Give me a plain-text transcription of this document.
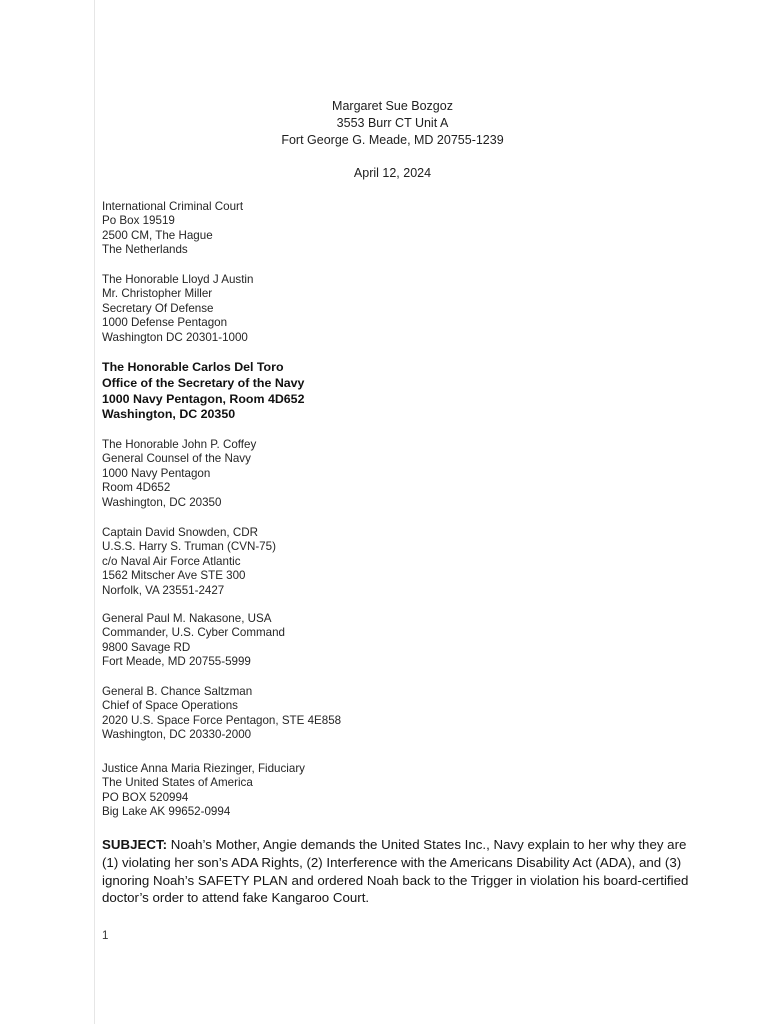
Margaret Sue Bozgoz
3553 Burr CT Unit A
Fort George G. Meade, MD 20755-1239
April 12, 2024
International Criminal Court
Po Box 19519
2500 CM, The Hague
The Netherlands
The Honorable Lloyd J Austin
Mr. Christopher Miller
Secretary Of Defense
1000 Defense Pentagon
Washington DC 20301-1000
The Honorable Carlos Del Toro
Office of the Secretary of the Navy
1000 Navy Pentagon, Room 4D652
Washington, DC 20350
The Honorable John P. Coffey
General Counsel of the Navy
1000 Navy Pentagon
Room 4D652
Washington, DC 20350
Captain David Snowden, CDR
U.S.S. Harry S. Truman (CVN-75)
c/o Naval Air Force Atlantic
1562 Mitscher Ave STE 300
Norfolk, VA 23551-2427
General Paul M. Nakasone, USA
Commander, U.S. Cyber Command
9800 Savage RD
Fort Meade, MD 20755-5999
General B. Chance Saltzman
Chief of Space Operations
2020 U.S. Space Force Pentagon, STE 4E858
Washington, DC 20330-2000
Justice Anna Maria Riezinger, Fiduciary
The United States of America
PO BOX 520994
Big Lake AK 99652-0994
SUBJECT: Noah’s Mother, Angie demands the United States Inc., Navy explain to her why they are (1) violating her son’s ADA Rights, (2) Interference with the Americans Disability Act (ADA), and (3) ignoring Noah’s SAFETY PLAN and ordered Noah back to the Trigger in violation his board-certified doctor’s order to attend fake Kangaroo Court.
1
